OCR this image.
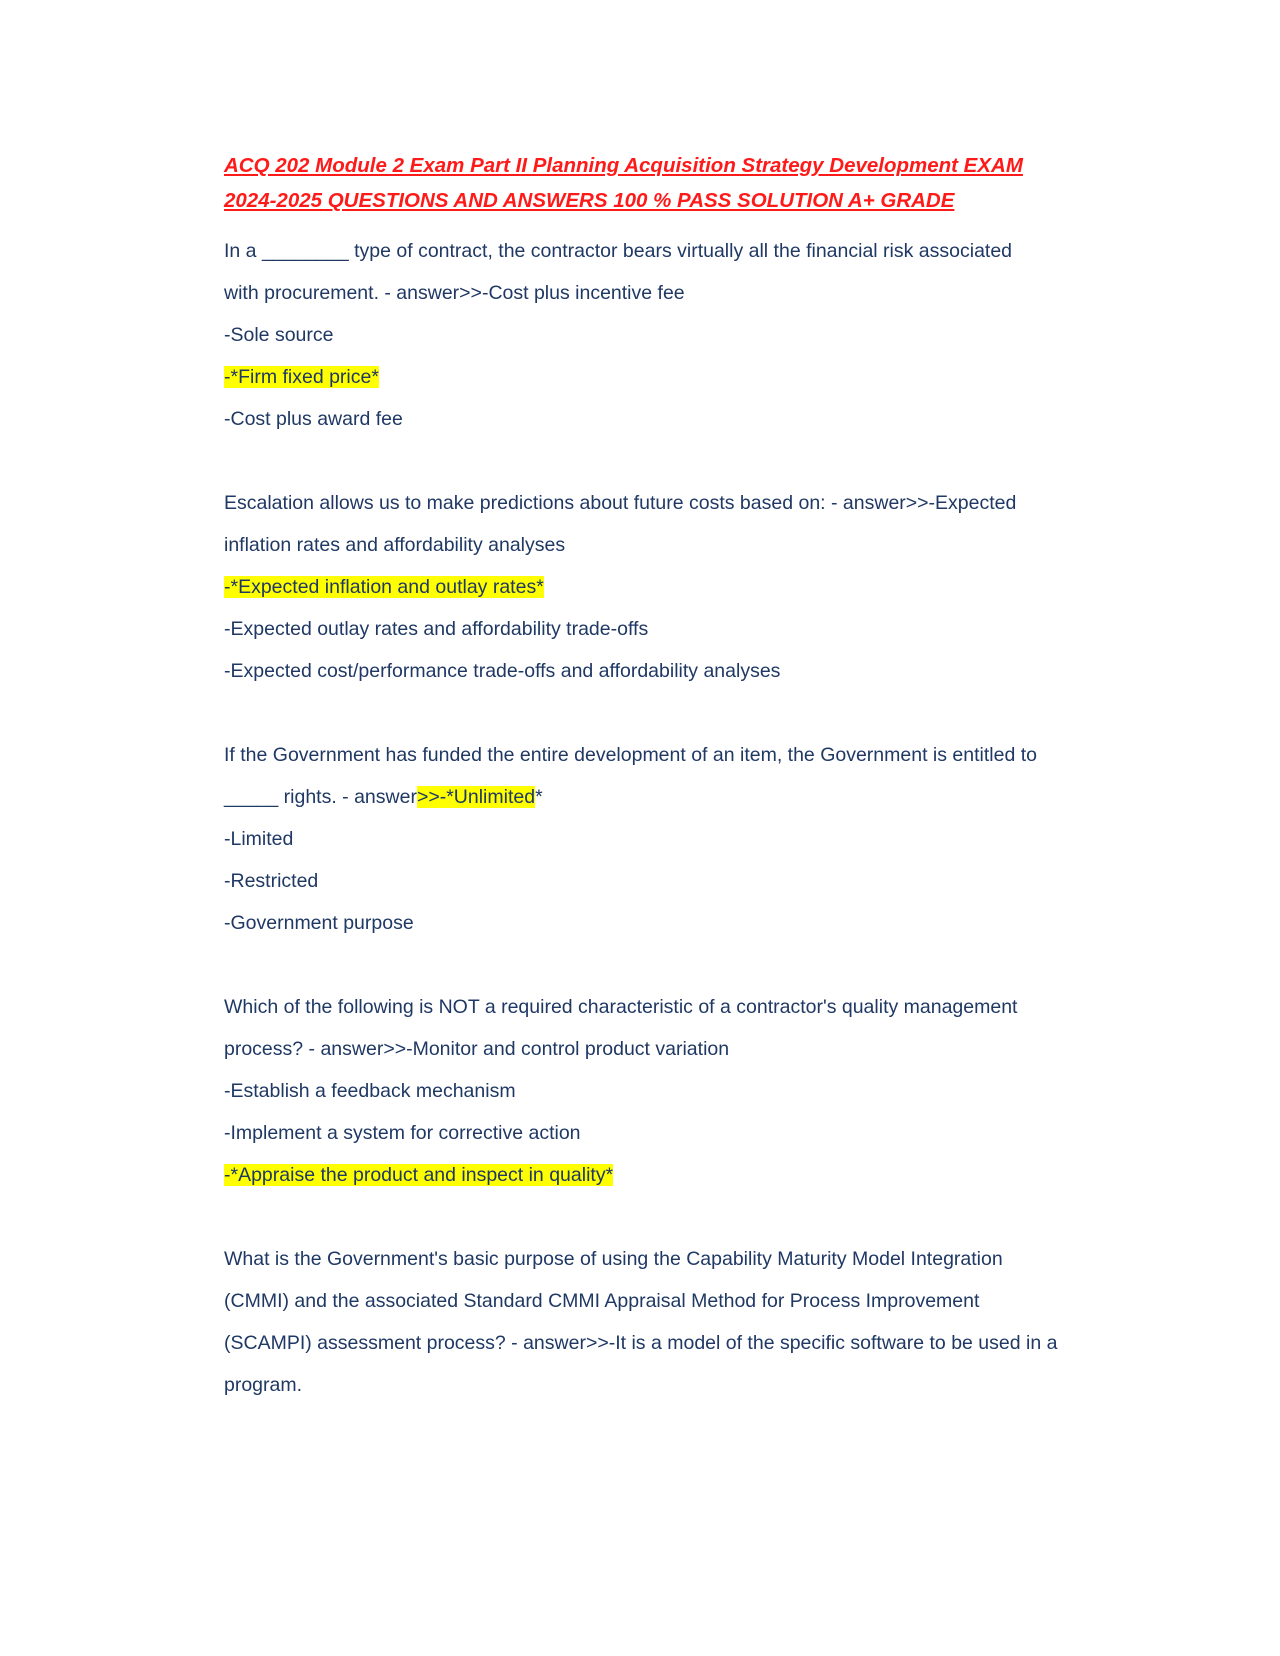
ACQ 202 Module 2 Exam Part II Planning Acquisition Strategy Development EXAM
2024-2025 QUESTIONS AND ANSWERS 100 % PASS SOLUTION A+ GRADE
In a ________ type of contract, the contractor bears virtually all the financial risk associated
with procurement. - answer>>-Cost plus incentive fee
-Sole source
-*Firm fixed price*
-Cost plus award fee
Escalation allows us to make predictions about future costs based on: - answer>>-Expected
inflation rates and affordability analyses
-*Expected inflation and outlay rates*
-Expected outlay rates and affordability trade-offs
-Expected cost/performance trade-offs and affordability analyses
If the Government has funded the entire development of an item, the Government is entitled to
_____ rights. - answer>>-*Unlimited*
-Limited
-Restricted
-Government purpose
Which of the following is NOT a required characteristic of a contractor's quality management
process? - answer>>-Monitor and control product variation
-Establish a feedback mechanism
-Implement a system for corrective action
-*Appraise the product and inspect in quality*
What is the Government's basic purpose of using the Capability Maturity Model Integration
(CMMI) and the associated Standard CMMI Appraisal Method for Process Improvement
(SCAMPI) assessment process? - answer>>-It is a model of the specific software to be used in a
program.
